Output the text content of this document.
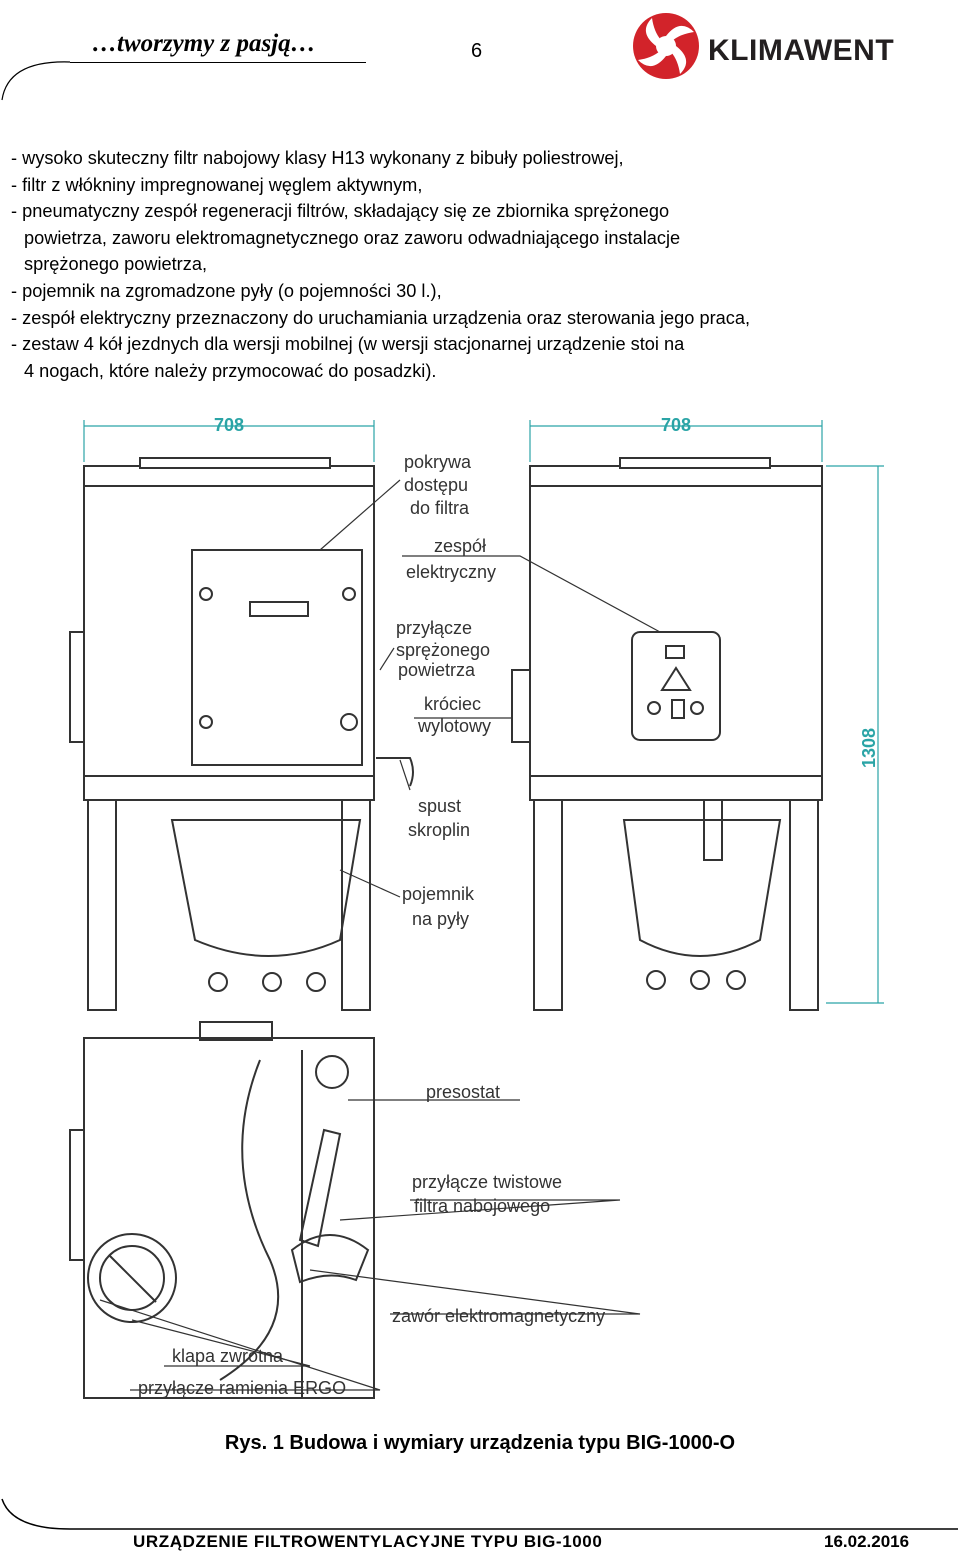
…tworzymy z pasją…	6	KLIMAWENT
- wysoko skuteczny filtr nabojowy klasy H13 wykonany z bibuły poliestrowej,
- filtr z włókniny impregnowanej węglem aktywnym,
- pneumatyczny zespół regeneracji filtrów, składający się ze zbiornika sprężonego
powietrza, zaworu elektromagnetycznego oraz zaworu odwadniającego instalacje
sprężonego powietrza,
- pojemnik na zgromadzone pyły (o pojemności 30 l.),
- zespół elektryczny przeznaczony do uruchamiania urządzenia oraz sterowania jego praca,
- zestaw 4 kół jezdnych dla wersji mobilnej (w wersji stacjonarnej urządzenie stoi na
4 nogach, które należy przymocować do posadzki).
708	708
1308
pokrywa
dostępu
do filtra
zespół
elektryczny
przyłącze
sprężonego
powietrza
króciec
wylotowy
spust
skroplin
pojemnik
na pyły
presostat
przyłącze twistowe
filtra nabojowego
zawór elektromagnetyczny
klapa zwrotna
przyłącze ramienia ERGO
Rys. 1 Budowa i wymiary urządzenia typu BIG-1000-O
URZĄDZENIE FILTROWENTYLACYJNE TYPU BIG-1000	16.02.2016
